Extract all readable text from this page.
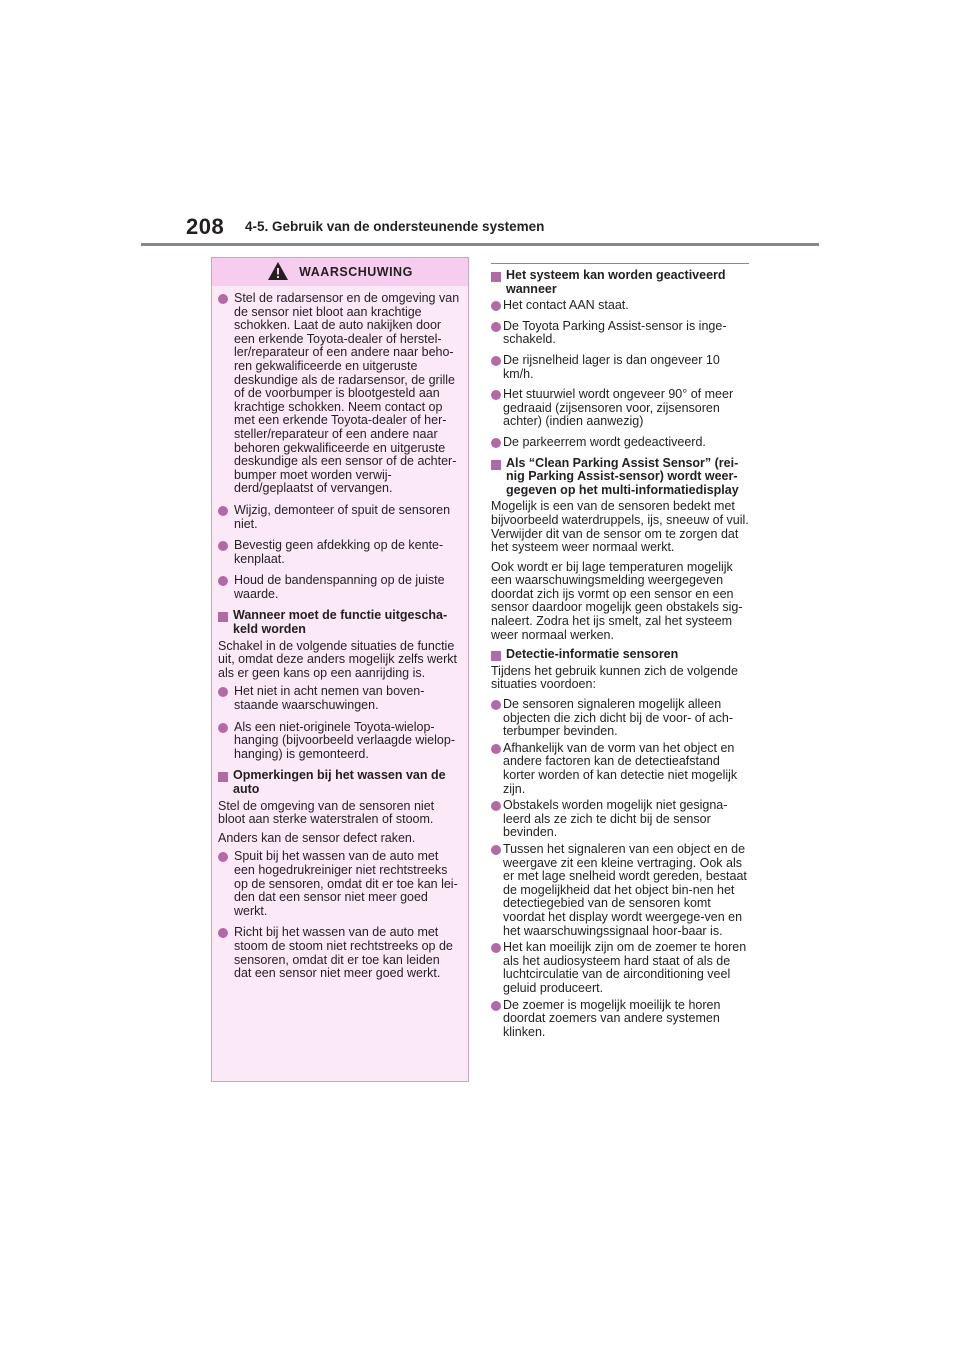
208 4-5. Gebruik van de ondersteunende systemen
WAARSCHUWING
Stel de radarsensor en de omgeving van de sensor niet bloot aan krachtige schokken. Laat de auto nakijken door een erkende Toyota-dealer of herstel-ler/reparateur of een andere naar beho-ren gekwalificeerde en uitgeruste deskundige als de radarsensor, de grille of de voorbumper is blootgesteld aan krachtige schokken. Neem contact op met een erkende Toyota-dealer of her-steller/reparateur of een andere naar behoren gekwalificeerde en uitgeruste deskundige als een sensor of de achter-bumper moet worden verwij-derd/geplaatst of vervangen.
Wijzig, demonteer of spuit de sensoren niet.
Bevestig geen afdekking op de kente-kenplaat.
Houd de bandenspanning op de juiste waarde.
Wanneer moet de functie uitgescha-keld worden

Schakel in de volgende situaties de functie uit, omdat deze anders mogelijk zelfs werkt als er geen kans op een aanrijding is.

Het niet in acht nemen van boven-staande waarschuwingen.
Als een niet-originele Toyota-wielop-hanging (bijvoorbeeld verlaagde wielop-hanging) is gemonteerd.
Opmerkingen bij het wassen van de auto

Stel de omgeving van de sensoren niet bloot aan sterke waterstralen of stoom.

Anders kan de sensor defect raken.

Spuit bij het wassen van de auto met een hogedrukreiniger niet rechtstreeks op de sensoren, omdat dit er toe kan lei-den dat een sensor niet meer goed werkt.
Richt bij het wassen van de auto met stoom de stoom niet rechtstreeks op de sensoren, omdat dit er toe kan leiden dat een sensor niet meer goed werkt.
Het systeem kan worden geactiveerd wanneer
Het contact AAN staat.
De Toyota Parking Assist-sensor is inge-schakeld.
De rijsnelheid lager is dan ongeveer 10 km/h.
Het stuurwiel wordt ongeveer 90° of meer gedraaid (zijsensoren voor, zijsensoren achter) (indien aanwezig)
De parkeerrem wordt gedeactiveerd.
Als “Clean Parking Assist Sensor” (rei-nig Parking Assist-sensor) wordt weer-gegeven op het multi-informatiedisplay

Mogelijk is een van de sensoren bedekt met bijvoorbeeld waterdruppels, ijs, sneeuw of vuil. Verwijder dit van de sensor om te zorgen dat het systeem weer normaal werkt.

Ook wordt er bij lage temperaturen mogelijk een waarschuwingsmelding weergegeven doordat zich ijs vormt op een sensor en een sensor daardoor mogelijk geen obstakels sig-naleert. Zodra het ijs smelt, zal het systeem weer normaal werken.

Detectie-informatie sensoren

Tijdens het gebruik kunnen zich de volgende situaties voordoen:

De sensoren signaleren mogelijk alleen objecten die zich dicht bij de voor- of ach-terbumper bevinden.
Afhankelijk van de vorm van het object en andere factoren kan de detectieafstand korter worden of kan detectie niet mogelijk zijn.
Obstakels worden mogelijk niet gesigna-leerd als ze zich te dicht bij de sensor bevinden.
Tussen het signaleren van een object en de weergave zit een kleine vertraging. Ook als er met lage snelheid wordt gereden, bestaat de mogelijkheid dat het object bin-nen het detectiegebied van de sensoren komt voordat het display wordt weergege-ven en het waarschuwingssignaal hoor-baar is.
Het kan moeilijk zijn om de zoemer te horen als het audiosysteem hard staat of als de luchtcirculatie van de airconditioning veel geluid produceert.
De zoemer is mogelijk moeilijk te horen doordat zoemers van andere systemen klinken.
